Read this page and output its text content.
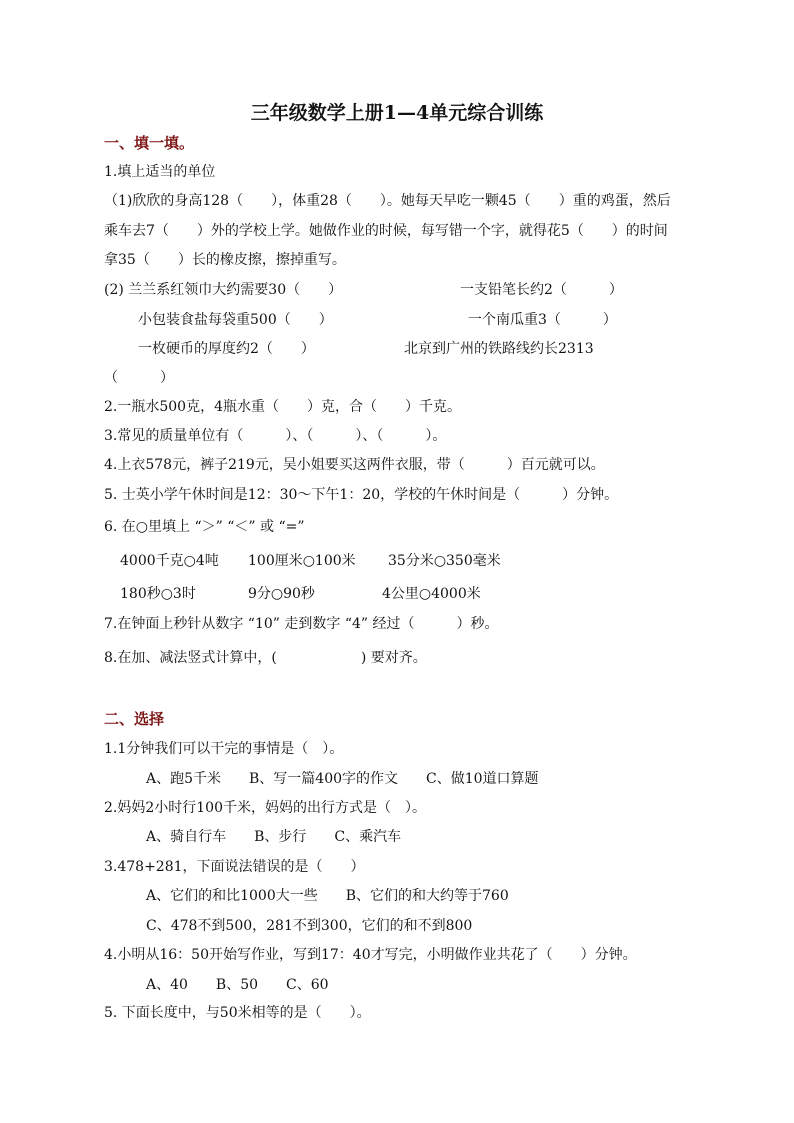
三年级数学上册1—4单元综合训练
一、填一填。
1.填上适当的单位
（1)欣欣的身高128（　　），体重28（　　）。她每天早吃一颗45（　　）重的鸡蛋，然后
乘车去7（　　）外的学校上学。她做作业的时候，每写错一个字，就得花5（　　）的时间
拿35（　　）长的橡皮擦，擦掉重写。
(2) 兰兰系红领巾大约需要30（　　）	一支铅笔长约2（　　　）
小包装食盐每袋重500（　　）	一个南瓜重3（　　　）
一枚硬币的厚度约2（　　）	北京到广州的铁路线约长2313
（　　　）
2.一瓶水500克，4瓶水重（　　）克，合（　　）千克。
3.常见的质量单位有（　　　）、（　　　）、（　　　）。
4.上衣578元，裤子219元，吴小姐要买这两件衣服，带（　　　）百元就可以。
5. 士英小学午休时间是12：30～下午1：20，学校的午休时间是（　　　）分钟。
6. 在○里填上 “＞” “＜” 或 “=”
4000千克○4吨 100厘米○100米 35分米○350毫米
180秒○3时	9分○90秒	4公里○4000米
7.在钟面上秒针从数字 “10” 走到数字 “4” 经过（　　　）秒。
8.在加、减法竖式计算中，(　　　　　　) 要对齐。
二、选择
1.1分钟我们可以干完的事情是（　）。
A、跑5千米　　B、写一篇400字的作文　　C、做10道口算题
2.妈妈2小时行100千米，妈妈的出行方式是（　）。
A、骑自行车　　B、步行　　C、乘汽车
3.478+281，下面说法错误的是（　　）
A、它们的和比1000大一些　　B、它们的和大约等于760
C、478不到500，281不到300，它们的和不到800
4.小明从16：50开始写作业，写到17：40才写完，小明做作业共花了（　　）分钟。
A、40　　B、50　　C、60
5. 下面长度中，与50米相等的是（　　）。
